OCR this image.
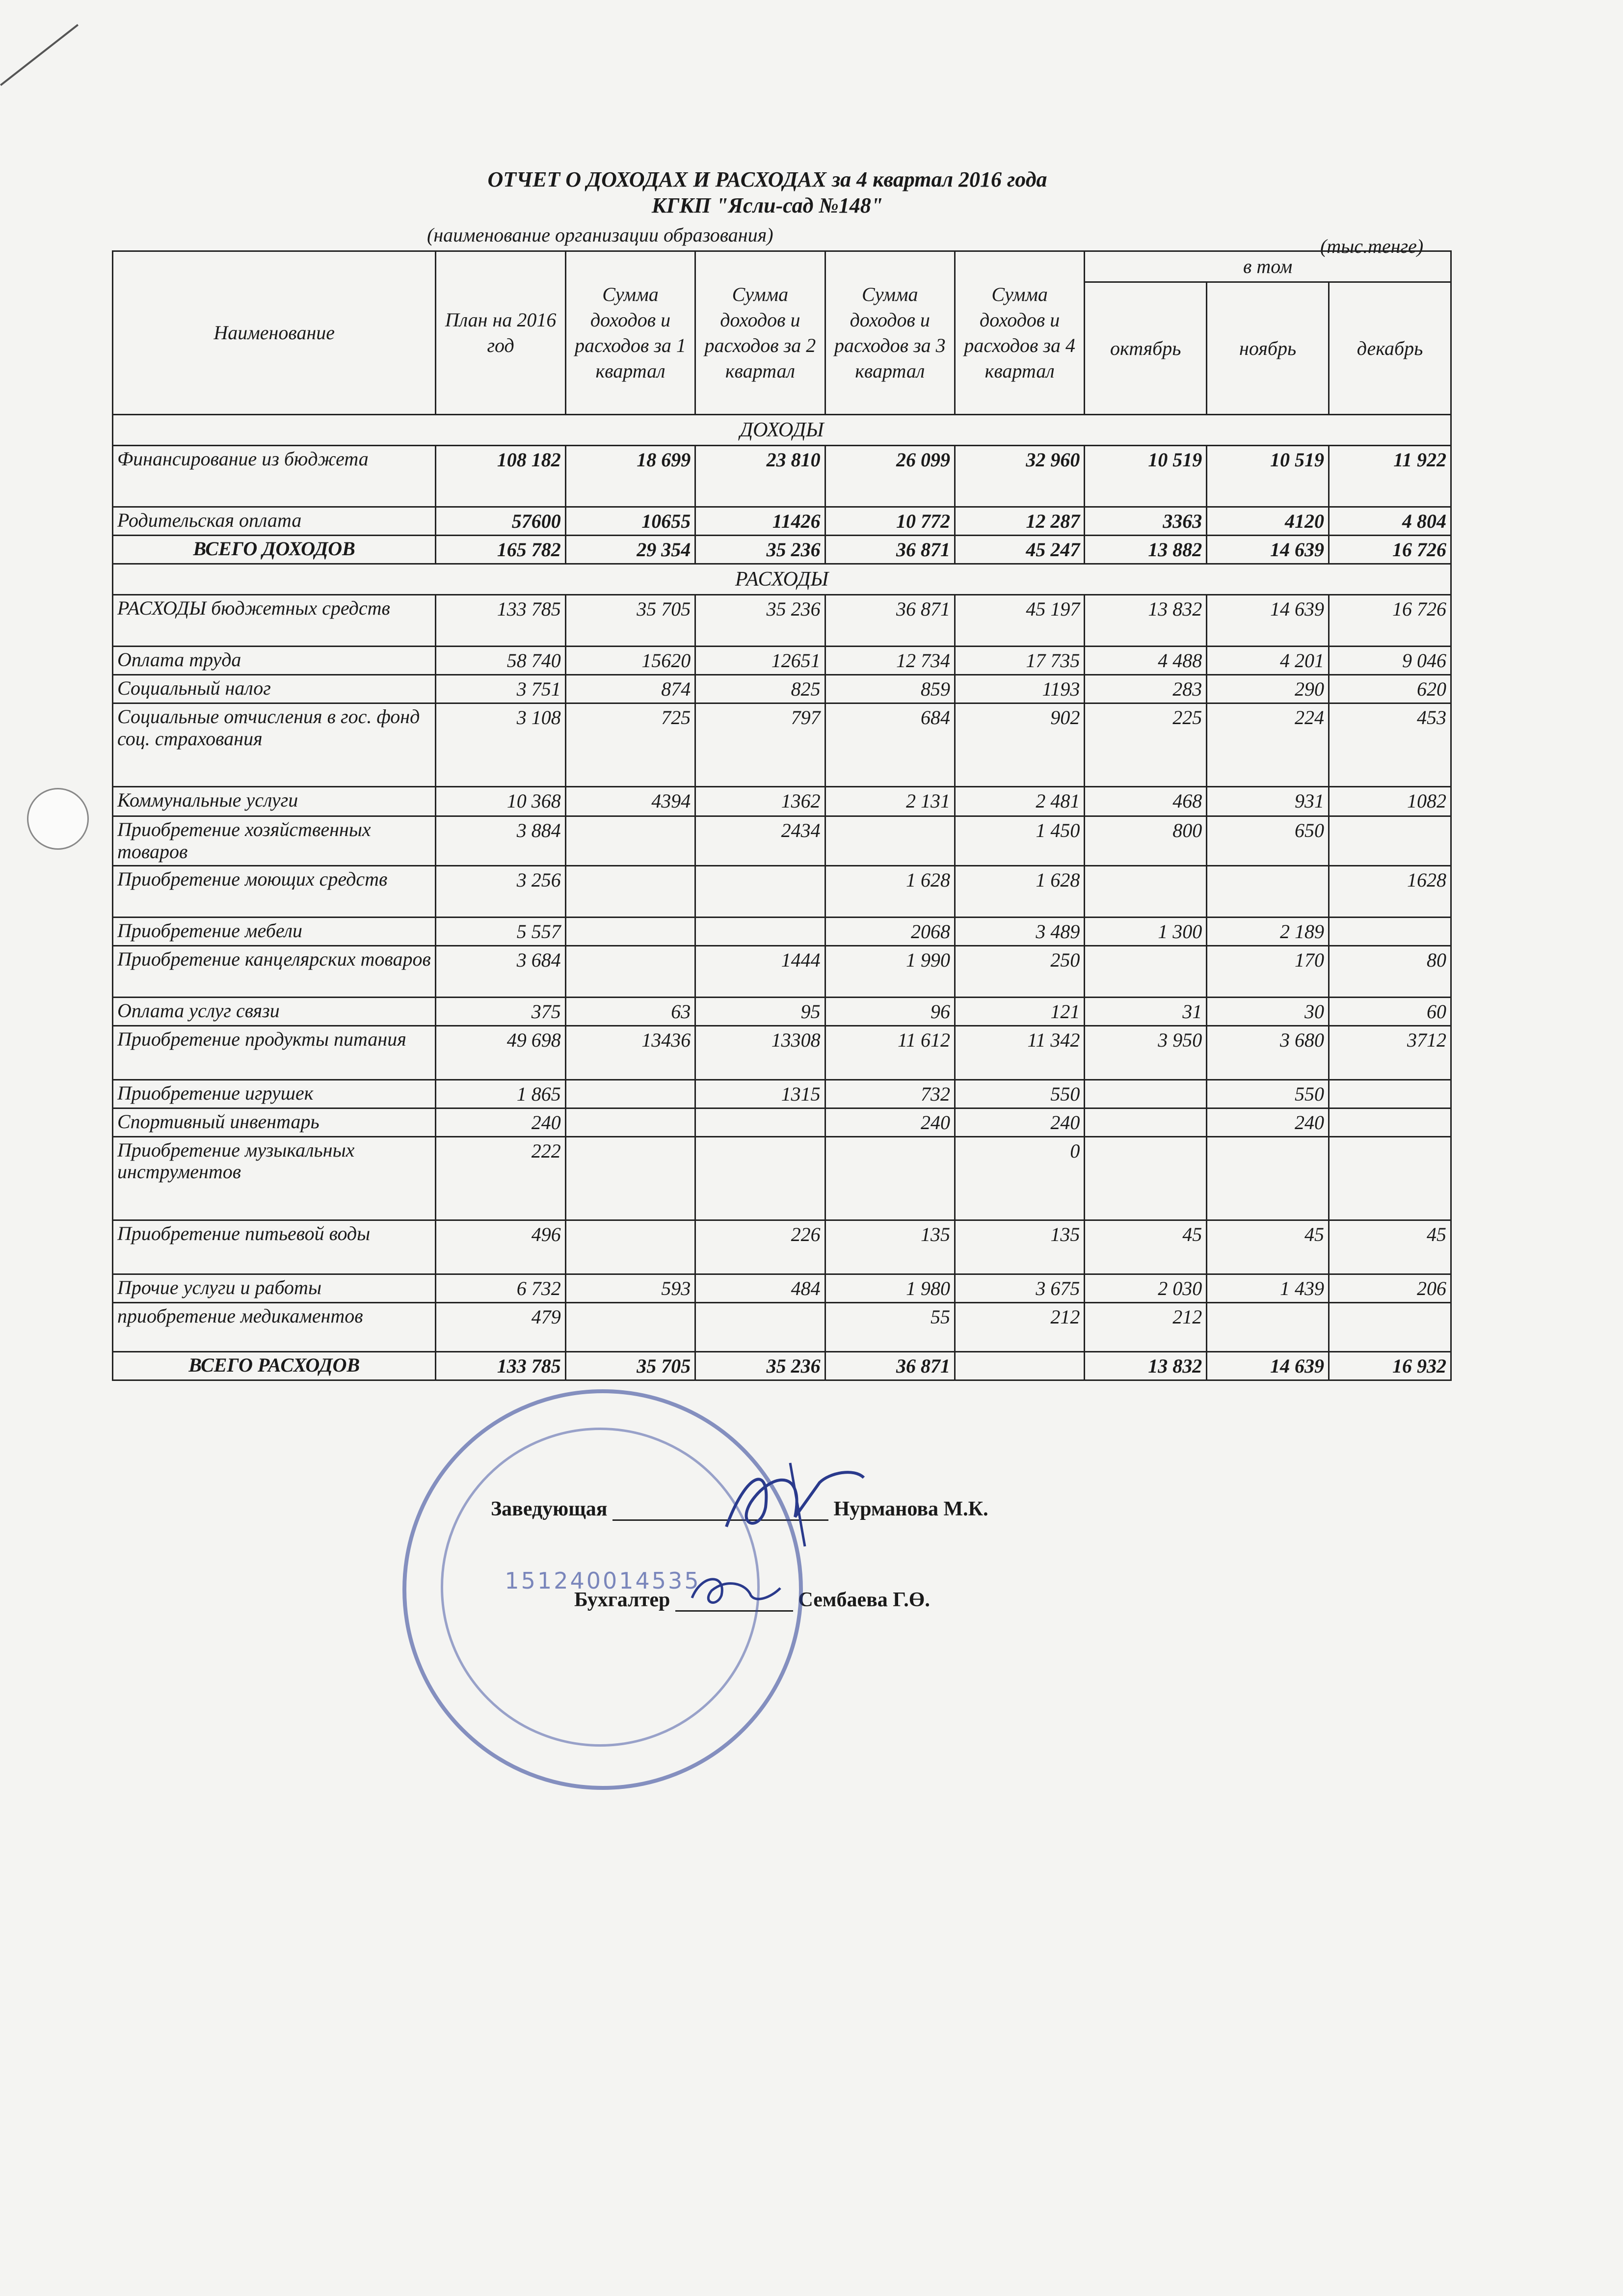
ОТЧЕТ О ДОХОДАХ И РАСХОДАХ за 4 квартал 2016 года
КГКП "Ясли-сад №148"
(наименование организации образования)
(тыс.тенге)
Наименование	План на 2016 год	Сумма доходов и расходов за 1 квартал	Сумма доходов и расходов за 2 квартал	Сумма доходов и расходов за 3 квартал	Сумма доходов и расходов за 4 квартал	в том		
						октябрь	ноябрь	декабрь
ДОХОДЫ								
Финансирование из бюджета	108 182	18 699	23 810	26 099	32 960	10 519	10 519	11 922
Родительская оплата	57600	10655	11426	10 772	12 287	3363	4120	4 804
ВСЕГО ДОХОДОВ	165 782	29 354	35 236	36 871	45 247	13 882	14 639	16 726
РАСХОДЫ								
РАСХОДЫ бюджетных средств	133 785	35 705	35 236	36 871	45 197	13 832	14 639	16 726
Оплата труда	58 740	15620	12651	12 734	17 735	4 488	4 201	9 046
Социальный налог	3 751	874	825	859	1193	283	290	620
Социальные отчисления в гос. фонд соц. страхования	3 108	725	797	684	902	225	224	453
Коммунальные услуги	10 368	4394	1362	2 131	2 481	468	931	1082
Приобретение хозяйственных товаров	3 884		2434		1 450	800	650	
Приобретение моющих средств	3 256			1 628	1 628			1628
Приобретение мебели	5 557			2068	3 489	1 300	2 189	
Приобретение канцелярских товаров	3 684		1444	1 990	250		170	80
Оплата услуг связи	375	63	95	96	121	31	30	60
Приобретение продукты питания	49 698	13436	13308	11 612	11 342	3 950	3 680	3712
Приобретение игрушек	1 865		1315	732	550		550	
Спортивный инвентарь	240			240	240		240	
Приобретение музыкальных инструментов	222				0			
Приобретение питьевой воды	496		226	135	135	45	45	45
Прочие услуги и работы	6 732	593	484	1 980	3 675	2 030	1 439	206
приобретение медикаментов	479			55	212	212		
ВСЕГО РАСХОДОВ	133 785	35 705	35 236	36 871		13 832	14 639	16 932
Заведующая	Нурманова М.К.
Бухгалтер	Сембаева Г.Ө.
151240014535
